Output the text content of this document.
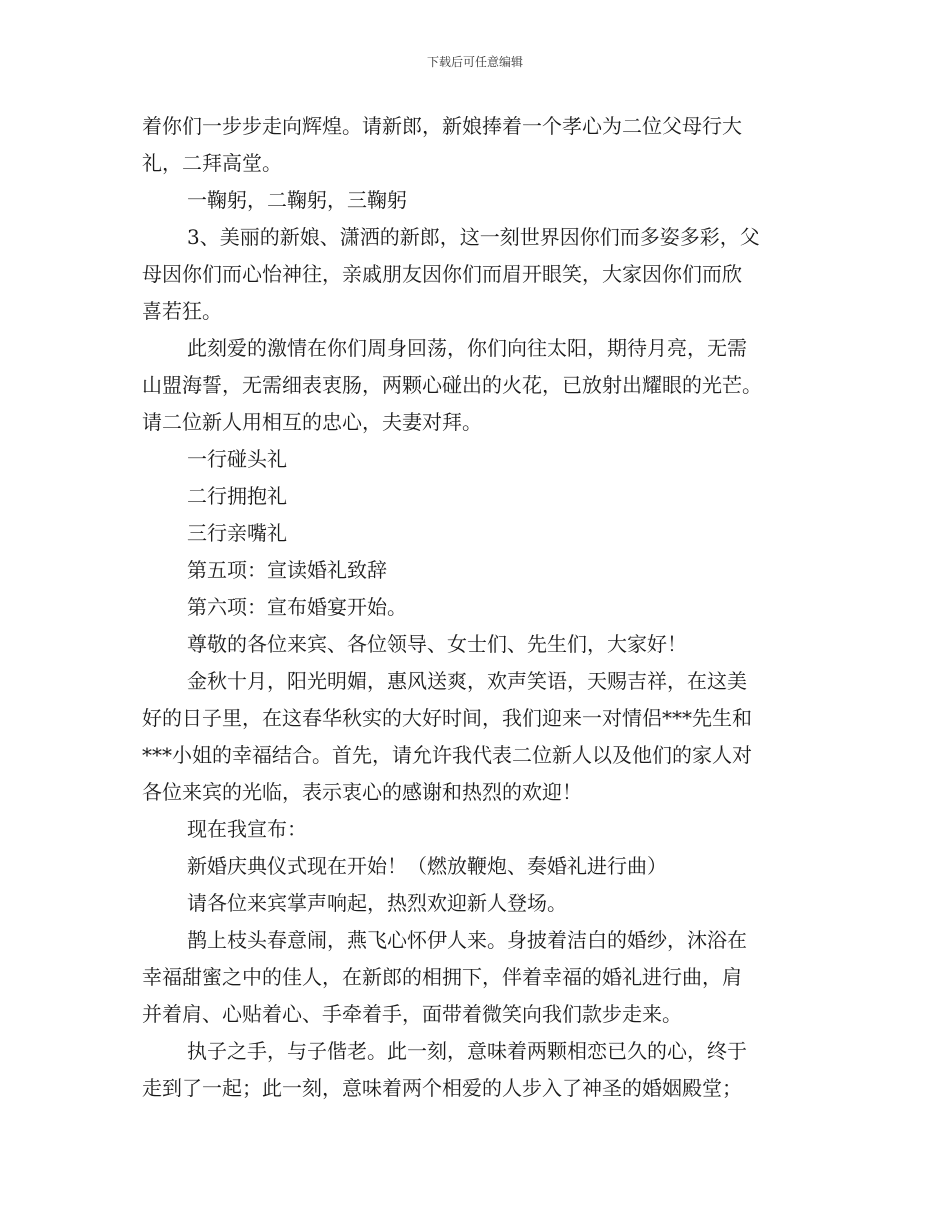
下载后可任意编辑
着你们一步步走向辉煌。请新郎，新娘捧着一个孝心为二位父母行大
礼，二拜高堂。
一鞠躬，二鞠躬，三鞠躬
3、美丽的新娘、潇洒的新郎，这一刻世界因你们而多姿多彩，父
母因你们而心怡神往，亲戚朋友因你们而眉开眼笑，大家因你们而欣
喜若狂。
此刻爱的激情在你们周身回荡，你们向往太阳，期待月亮，无需
山盟海誓，无需细表衷肠，两颗心碰出的火花，已放射出耀眼的光芒。
请二位新人用相互的忠心，夫妻对拜。
一行碰头礼
二行拥抱礼
三行亲嘴礼
第五项：宣读婚礼致辞
第六项：宣布婚宴开始。
尊敬的各位来宾、各位领导、女士们、先生们，大家好！
金秋十月，阳光明媚，惠风送爽，欢声笑语，天赐吉祥，在这美
好的日子里，在这春华秋实的大好时间，我们迎来一对情侣***先生和
***小姐的幸福结合。首先，请允许我代表二位新人以及他们的家人对
各位来宾的光临，表示衷心的感谢和热烈的欢迎！
现在我宣布：
新婚庆典仪式现在开始！（燃放鞭炮、奏婚礼进行曲）
请各位来宾掌声响起，热烈欢迎新人登场。
鹊上枝头春意闹，燕飞心怀伊人来。身披着洁白的婚纱，沐浴在
幸福甜蜜之中的佳人，在新郎的相拥下，伴着幸福的婚礼进行曲，肩
并着肩、心贴着心、手牵着手，面带着微笑向我们款步走来。
执子之手，与子偕老。此一刻，意味着两颗相恋已久的心，终于
走到了一起；此一刻，意味着两个相爱的人步入了神圣的婚姻殿堂；
